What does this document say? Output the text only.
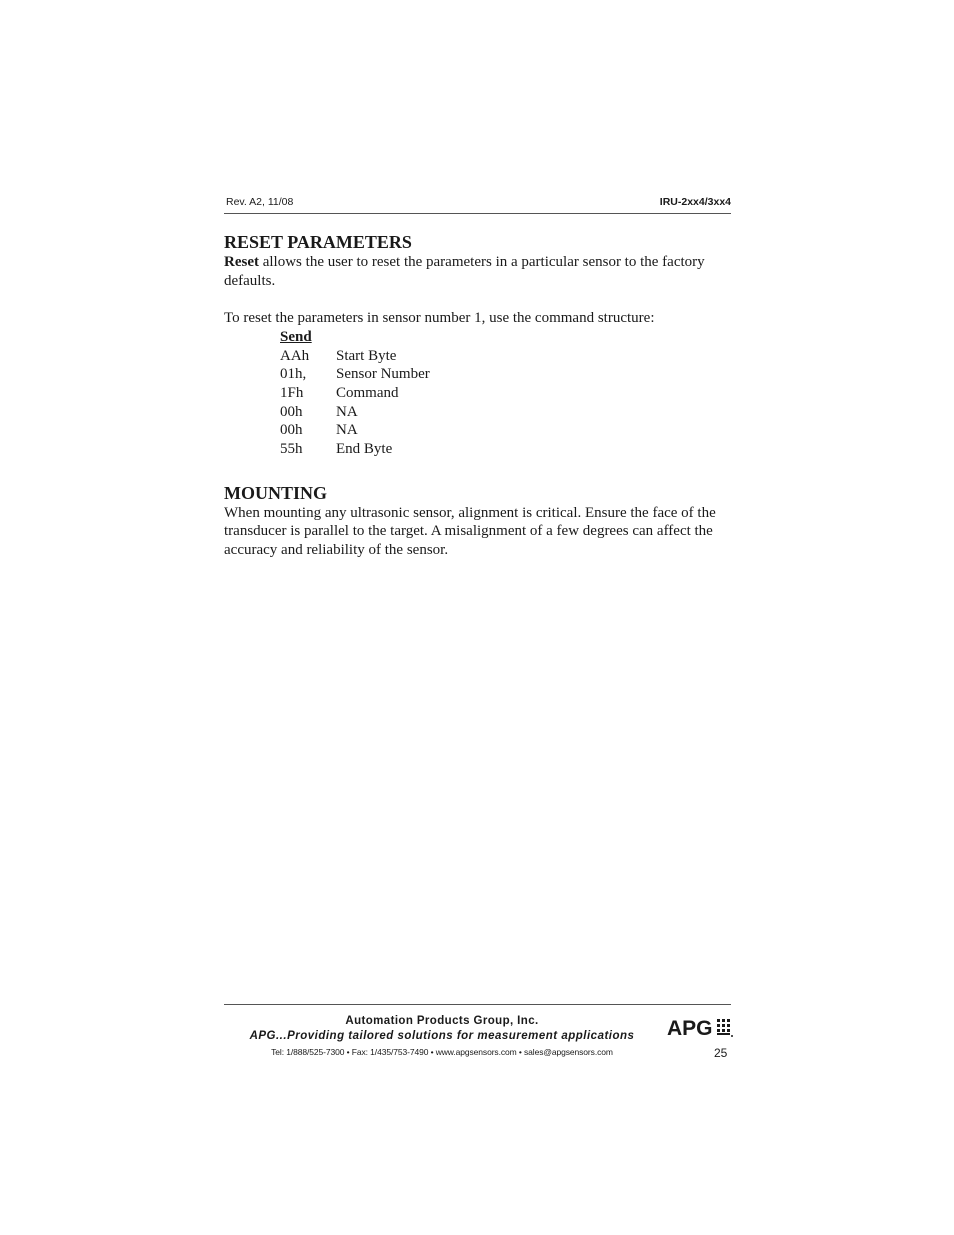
Rev. A2, 11/08	IRU-2xx4/3xx4
RESET PARAMETERS

Reset allows the user to reset the parameters in a particular sensor to the factory defaults.

To reset the parameters in sensor number 1, use the command structure:

Send
AAh	Start Byte
01h,	Sensor Number
1Fh	Command
00h	NA
00h	NA
55h	End Byte
MOUNTING

When mounting any ultrasonic sensor, alignment is critical. Ensure the face of the transducer is parallel to the target. A misalignment of a few degrees can affect the accuracy and reliability of the sensor.

Automation Products Group, Inc.
APG...Providing tailored solutions for measurement applications
Tel: 1/888/525-7300 • Fax: 1/435/753-7490 • www.apgsensors.com • sales@apgsensors.com
APG
25
